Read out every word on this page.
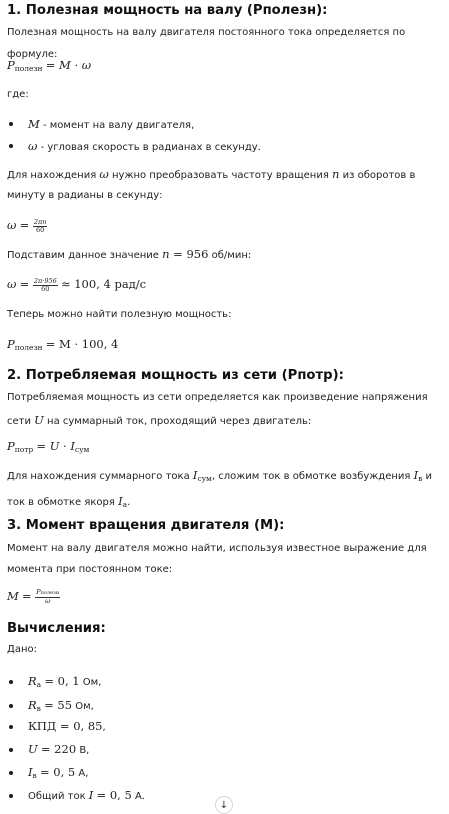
1. Полезная мощность на валу (Рполезн):

Полезная мощность на валу двигателя постоянного тока определяется по формуле:

$P_{полезн} = M \cdot \omega$

где:

M - момент на валу двигателя,

ω - угловая скорость в радианах в секунду.

Для нахождения ω нужно преобразовать частоту вращения n из оборотов в минуту в радианы в секунду:

$\omega = \frac{2\pi n}{60}$

Подставим данное значение n = 956 об/мин:

$\omega = \frac{2\pi\cdot 956}{60} \approx 100$, 4 рад/с

Теперь можно найти полезную мощность:

$P_{полезн} = M \cdot 100$, 4

2. Потребляемая мощность из сети (Рпотр):

Потребляемая мощность из сети определяется как произведение напряжения сети U на суммарный ток, проходящий через двигатель:

$P_{потр} = U \cdot I_{сум}$

Для нахождения суммарного тока $I_{сум}$, сложим ток в обмотке возбуждения $I_в$ и ток в обмотке якоря $I_а$.

3. Момент вращения двигателя (М):

Момент на валу двигателя можно найти, используя известное выражение для момента при постоянном токе:

$M = \frac{\text{Pполезн}}{\omega}$

Вычисления:

Дано:

$R_а = 0$, 1 Ом,

$R_в = 55$ Ом,

КПД = 0, 85,

U = 220 В,

$I_в = 0$, 5 А,

Общий ток I = 0, 5 А.

↓
